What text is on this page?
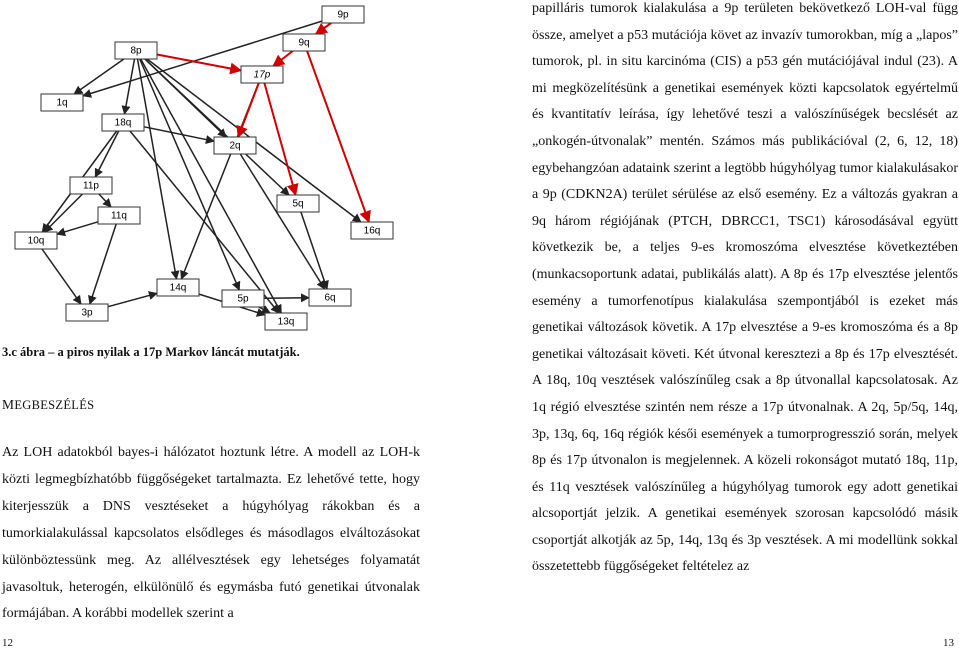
9p
9q
8p
17p
1q
18q
2q
11p
5q
11q
16q
10q
14q
5p	6q
3p
13q
3.c ábra – a piros nyilak a 17p Markov láncát mutatják.
MEGBESZÉLÉS
Az LOH adatokból bayes-i hálózatot hoztunk létre. A modell az LOH-k közti legmegbízhatóbb függőségeket tartalmazta. Ez lehetővé tette, hogy kiterjesszük a DNS vesztéseket a húgyhólyag rákokban és a tumorkialakulással kapcsolatos elsődleges és másodlagos elváltozásokat különböztessünk meg. Az allélvesztések egy lehetséges folyamatát javasoltuk, heterogén, elkülönülő és egymásba futó genetikai útvonalak formájában. A korábbi modellek szerint a
papilláris tumorok kialakulása a 9p területen bekövetkező LOH-val függ össze, amelyet a p53 mutációja követ az invazív tumorokban, míg a „lapos” tumorok, pl. in situ karcinóma (CIS) a p53 gén mutációjával indul (23). A mi megközelítésünk a genetikai események közti kapcsolatok egyértelmű és kvantitatív leírása, így lehetővé teszi a valószínűségek becslését az „onkogén-útvonalak” mentén. Számos más publikációval (2, 6, 12, 18) egybehangzóan adataink szerint a legtöbb húgyhólyag tumor kialakulásakor a 9p (CDKN2A) terület sérülése az első esemény. Ez a változás gyakran a 9q három régiójának (PTCH, DBRCC1, TSC1) károsodásával együtt következik be, a teljes 9-es kromoszóma elvesztése következtében (munkacsoportunk adatai, publikálás alatt). A 8p és 17p elvesztése jelentős esemény a tumorfenotípus kialakulása szempontjából is ezeket más genetikai változások követik. A 17p elvesztése a 9-es kromoszóma és a 8p genetikai változásait követi. Két útvonal keresztezi a 8p és 17p elvesztését. A 18q, 10q vesztések valószínűleg csak a 8p útvonallal kapcsolatosak. Az 1q régió elvesztése szintén nem része a 17p útvonalnak. A 2q, 5p/5q, 14q, 3p, 13q, 6q, 16q régiók késői események a tumorprogresszió során, melyek 8p és 17p útvonalon is megjelennek. A közeli rokonságot mutató 18q, 11p, és 11q vesztések valószínűleg a húgyhólyag tumorok egy adott genetikai alcsoportját jelzik. A genetikai események szorosan kapcsolódó másik csoportját alkotják az 5p, 14q, 13q és 3p vesztések. A mi modellünk sokkal összetettebb függőségeket feltételez az
12	13
